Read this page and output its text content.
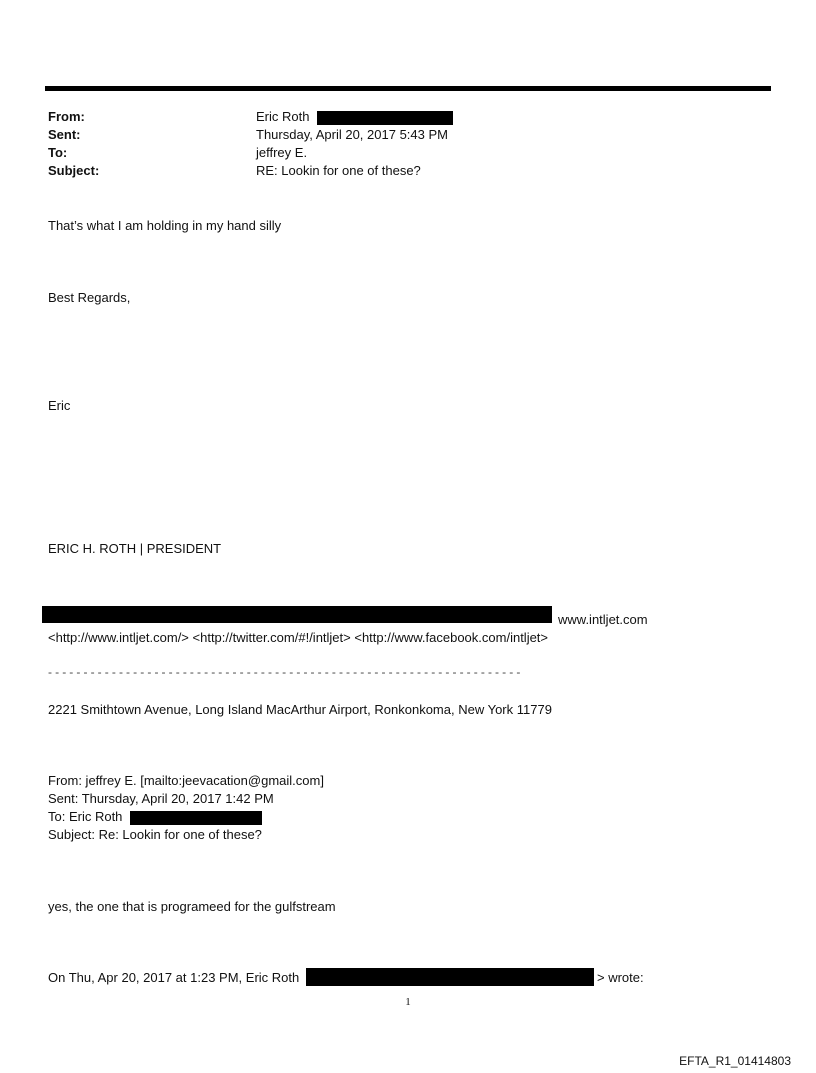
From:	Eric Roth
Sent:	Thursday, April 20, 2017 5:43 PM
To:	jeffrey E.
Subject:	RE: Lookin for one of these?
That’s what I am holding in my hand silly
Best Regards,
Eric
ERIC H. ROTH | PRESIDENT
www.intljet.com
<http://www.intljet.com/> <http://twitter.com/#!/intljet> <http://www.facebook.com/intljet>
-------------------------------------------------------------------
2221 Smithtown Avenue, Long Island MacArthur Airport, Ronkonkoma, New York 11779
From: jeffrey E. [mailto:jeevacation@gmail.com]
Sent: Thursday, April 20, 2017 1:42 PM
To: Eric Roth
Subject: Re: Lookin for one of these?
yes, the one that is programeed for the gulfstream
On Thu, Apr 20, 2017 at 1:23 PM, Eric Roth	> wrote:
1
EFTA_R1_01414803
